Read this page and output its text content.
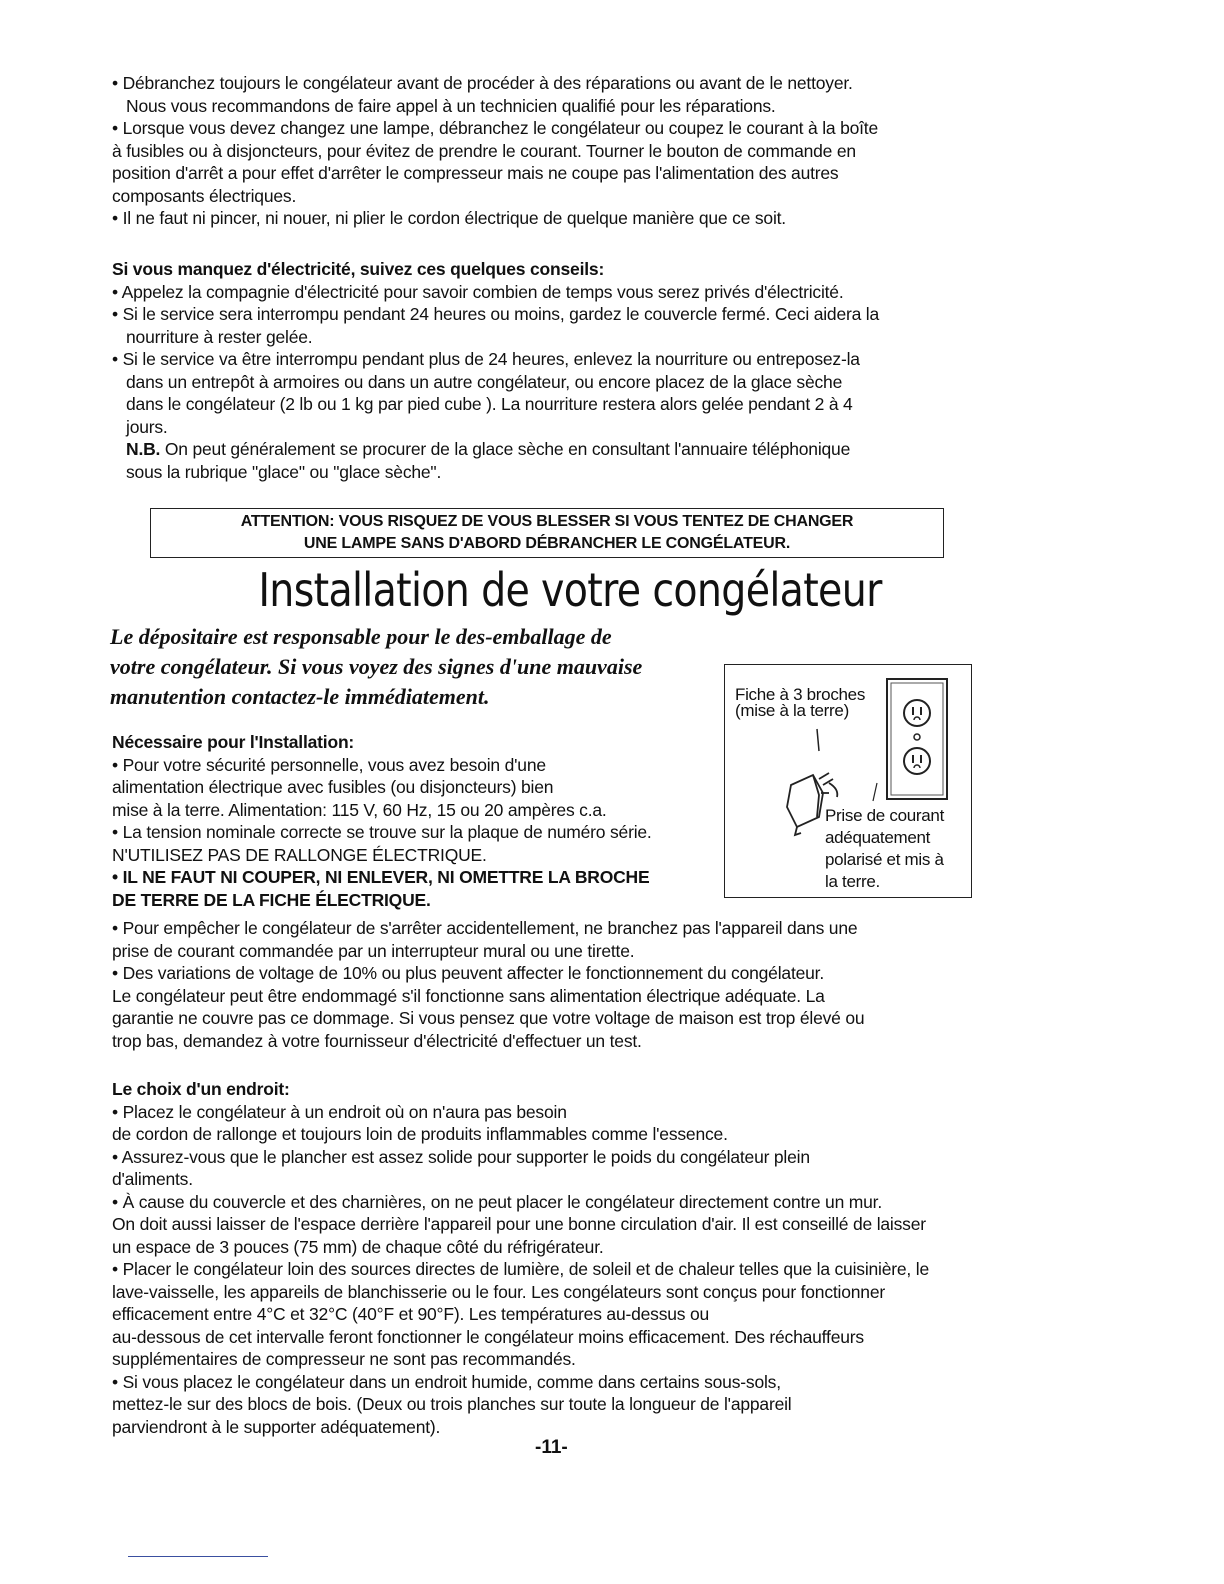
• Débranchez toujours le congélateur avant de procéder à des réparations ou avant de le nettoyer.

Nous vous recommandons de faire appel à un technicien qualifié pour les réparations.

• Lorsque vous devez changez une lampe, débranchez le congélateur ou coupez le courant à la boîte

à fusibles ou à disjoncteurs, pour évitez de prendre le courant. Tourner le bouton de commande en

position d'arrêt a pour effet d'arrêter le compresseur mais ne coupe pas l'alimentation des autres

composants électriques.

• Il ne faut ni pincer, ni nouer, ni plier le cordon électrique de quelque manière que ce soit.

Si vous manquez d'électricité, suivez ces quelques conseils:

• Appelez la compagnie d'électricité pour savoir combien de temps vous serez privés d'électricité.

• Si le service sera interrompu pendant 24 heures ou moins, gardez le couvercle fermé. Ceci aidera la

nourriture à rester gelée.

• Si le service va être interrompu pendant plus de 24 heures, enlevez la nourriture ou entreposez-la

dans un entrepôt à armoires ou dans un autre congélateur, ou encore placez de la glace sèche

dans le congélateur (2 lb ou 1 kg par pied cube ). La nourriture restera alors gelée pendant 2 à 4

jours.

N.B. On peut généralement se procurer de la glace sèche en consultant l'annuaire téléphonique

sous la rubrique "glace" ou "glace sèche".

ATTENTION: VOUS RISQUEZ DE VOUS BLESSER SI VOUS TENTEZ DE CHANGER

UNE LAMPE SANS D'ABORD DÉBRANCHER LE CONGÉLATEUR.

Installation de votre congélateur

Le dépositaire est responsable pour le des-emballage de

votre congélateur. Si vous voyez des signes d'une mauvaise

manutention contactez-le immédiatement.	Fiche à 3 broches
(mise à la terre)
Prise de courant
adéquatement
polarisé et mis à
la terre.

Nécessaire pour l'Installation:

• Pour votre sécurité personnelle, vous avez besoin d'une

alimentation électrique avec fusibles (ou disjoncteurs) bien

mise à la terre. Alimentation: 115 V, 60 Hz, 15 ou 20 ampères c.a.

• La tension nominale correcte se trouve sur la plaque de numéro série.

N'UTILISEZ PAS DE RALLONGE ÉLECTRIQUE.

• IL NE FAUT NI COUPER, NI ENLEVER, NI OMETTRE LA BROCHE

DE TERRE DE LA FICHE ÉLECTRIQUE.

• Pour empêcher le congélateur de s'arrêter accidentellement, ne branchez pas l'appareil dans une

prise de courant commandée par un interrupteur mural ou une tirette.

• Des variations de voltage de 10% ou plus peuvent affecter le fonctionnement du congélateur.

Le congélateur peut être endommagé s'il fonctionne sans alimentation électrique adéquate. La

garantie ne couvre pas ce dommage. Si vous pensez que votre voltage de maison est trop élevé ou

trop bas, demandez à votre fournisseur d'électricité d'effectuer un test.

Le choix d'un endroit:

• Placez le congélateur à un endroit où on n'aura pas besoin

de cordon de rallonge et toujours loin de produits inflammables comme l'essence.

• Assurez-vous que le plancher est assez solide pour supporter le poids du congélateur plein

d'aliments.

• À cause du couvercle et des charnières, on ne peut placer le congélateur directement contre un mur.

On doit aussi laisser de l'espace derrière l'appareil pour une bonne circulation d'air. Il est conseillé de laisser

un espace de 3 pouces (75 mm) de chaque côté du réfrigérateur.

• Placer le congélateur loin des sources directes de lumière, de soleil et de chaleur telles que la cuisinière, le

lave-vaisselle, les appareils de blanchisserie ou le four. Les congélateurs sont conçus pour fonctionner

efficacement entre 4°C et 32°C (40°F et 90°F). Les températures au-dessus ou

au-dessous de cet intervalle feront fonctionner le congélateur moins efficacement. Des réchauffeurs

supplémentaires de compresseur ne sont pas recommandés.

• Si vous placez le congélateur dans un endroit humide, comme dans certains sous-sols,

mettez-le sur des blocs de bois. (Deux ou trois planches sur toute la longueur de l'appareil

parviendront à le supporter adéquatement).

-11-
